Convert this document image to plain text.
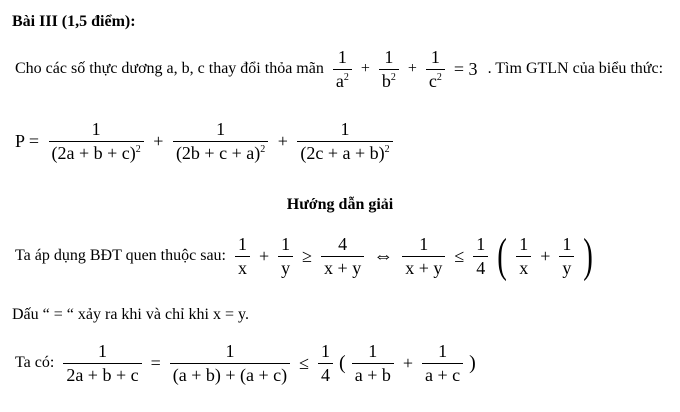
Bài III (1,5 điểm):
Cho các số thực dương a, b, c thay đổi thỏa mãn $\frac{1}{a^2} + \frac{1}{b^2} + \frac{1}{c^2} = 3$ . Tìm GTLN của biểu thức:
$P = \frac{1}{(2a + b + c)^2} + \frac{1}{(2b + c + a)^2} + \frac{1}{(2c + a + b)^2}$
Hướng dẫn giải
Ta áp dụng BĐT quen thuộc sau: $\frac{1}{x} + \frac{1}{y} \ge \frac{4}{x + y}$ ⇔ $\frac{1}{x + y} \le \frac{1}{4}$ ( $\frac{1}{x} + \frac{1}{y}$ )
Dấu “ = “ xảy ra khi và chỉ khi x = y.
Ta có: $\frac{1}{2a + b + c} = \frac{1}{(a + b) + (a + c)} \le \frac{1}{4}$ ( $\frac{1}{a + b} + \frac{1}{a + c}$ )
